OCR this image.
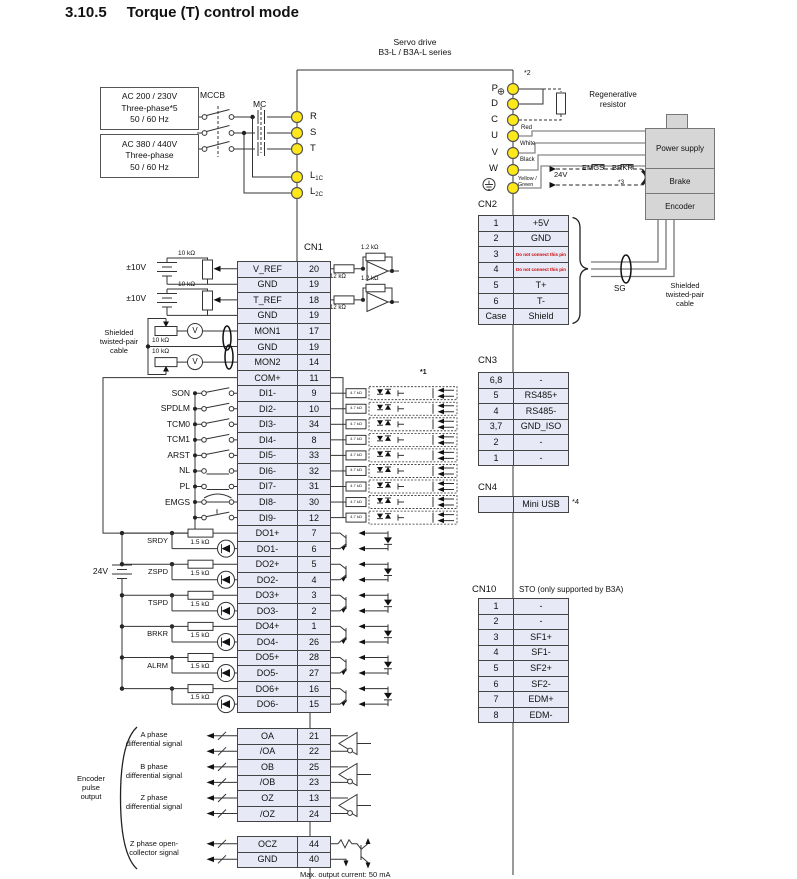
3.10.5 Torque (T) control mode
AC 200 / 230V
Three-phase*5
50 / 60 Hz
AC 380 / 440V
Three-phase
50 / 60 Hz
Power supply
Brake
Encoder
V_REF	20
GND	19
T_REF	18
GND	19
MON1	17
GND	19
MON2	14
COM+	11
DI1-	9
DI2-	10
DI3-	34
DI4-	8
DI5-	33
DI6-	32
DI7-	31
DI8-	30
DI9-	12
DO1+	7
DO1-	6
DO2+	5
DO2-	4
DO3+	3
DO3-	2
DO4+	1
DO4-	26
DO5+	28
DO5-	27
DO6+	16
DO6-	15
OA	21
/OA	22
OB	25
/OB	23
OZ	13
/OZ	24
OCZ	44
GND	40
1	+5V
2	GND
3	Do not connect this pin
4	Do not connect this pin
5	T+
6	T-
Case	Shield
6,8	-
5	RS485+
4	RS485-
3,7	GND_ISO
2	-
1	-
Mini USB
1	-
2	-
3	SF1+
4	SF1-
5	SF2+
6	SF2-
7	EDM+
8	EDM-
Servo drive
B3-L / B3A-L series
MCCB
MC
R
S
T
$L_{1C}$
$L_{2C}$
P
D
C
U
V
W
*2
Regenerative
resistor
Red
White
Black
Yellow /
Green
24V
EMGS BRKR
*3
CN2
SG	Shielded
twisted-pair
cable
CN1
±10V
±10V
10 kΩ
10 kΩ
10 kΩ
10 kΩ
Shielded
twisted-pair
cable
V
V
12 kΩ
12 kΩ
1.2 kΩ
1.2 kΩ
*1
24V
CN3
CN4
*4
CN10	STO (only supported by B3A)
A phase
differential signal
B phase
differential signal
Z phase
differential signal
Z phase open-
collector signal
Encoder
pulse
output
Max. output current: 50 mA
SON
SPDLM
TCM0
TCM1
ARST
NL
PL
EMGS
SRDY
ZSPD
TSPD
BRKR
ALRM
1.5 kΩ
1.5 kΩ
1.5 kΩ
1.5 kΩ
1.5 kΩ
1.5 kΩ
4.7 kΩ
4.7 kΩ
4.7 kΩ
4.7 kΩ
4.7 kΩ
4.7 kΩ
4.7 kΩ
4.7 kΩ
4.7 kΩ
